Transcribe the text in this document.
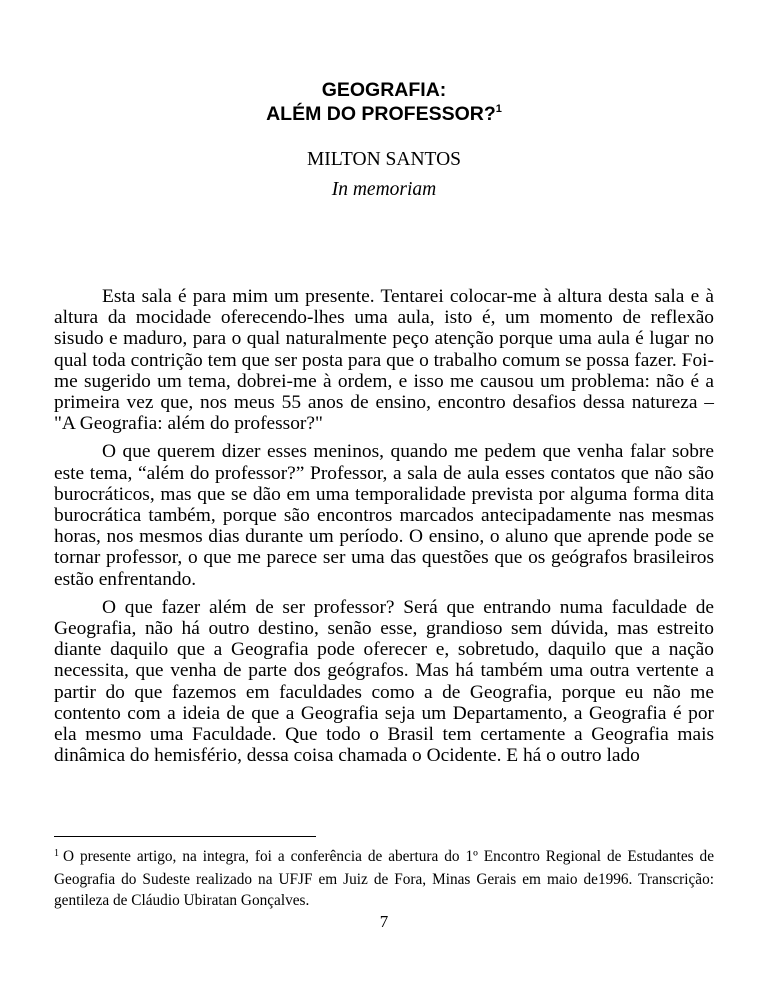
GEOGRAFIA:
ALÉM DO PROFESSOR?$^1$
MILTON SANTOS
In memoriam

Esta sala é para mim um presente. Tentarei colocar-me à altura desta sala e à altura da mocidade oferecendo-lhes uma aula, isto é, um momento de reflexão sisudo e maduro, para o qual naturalmente peço atenção porque uma aula é lugar no qual toda contrição tem que ser posta para que o trabalho comum se possa fazer. Foi-me sugerido um tema, dobrei-me à ordem, e isso me causou um problema: não é a primeira vez que, nos meus 55 anos de ensino, encontro desafios dessa natureza – "A Geografia: além do professor?"

O que querem dizer esses meninos, quando me pedem que venha falar sobre este tema, “além do professor?” Professor, a sala de aula esses contatos que não são burocráticos, mas que se dão em uma temporalidade prevista por alguma forma dita burocrática também, porque são encontros marcados antecipadamente nas mesmas horas, nos mesmos dias durante um período. O ensino, o aluno que aprende pode se tornar professor, o que me parece ser uma das questões que os geógrafos brasileiros estão enfrentando.

O que fazer além de ser professor? Será que entrando numa faculdade de Geografia, não há outro destino, senão esse, grandioso sem dúvida, mas estreito diante daquilo que a Geografia pode oferecer e, sobretudo, daquilo que a nação necessita, que venha de parte dos geógrafos. Mas há também uma outra vertente a partir do que fazemos em faculdades como a de Geografia, porque eu não me contento com a ideia de que a Geografia seja um Departamento, a Geografia é por ela mesmo uma Faculdade. Que todo o Brasil tem certamente a Geografia mais dinâmica do hemisfério, dessa coisa chamada o Ocidente. E há o outro lado

$^1$ O presente artigo, na integra, foi a conferência de abertura do 1º Encontro Regional de Estudantes de Geografia do Sudeste realizado na UFJF em Juiz de Fora, Minas Gerais em maio de1996. Transcrição: gentileza de Cláudio Ubiratan Gonçalves.
7
